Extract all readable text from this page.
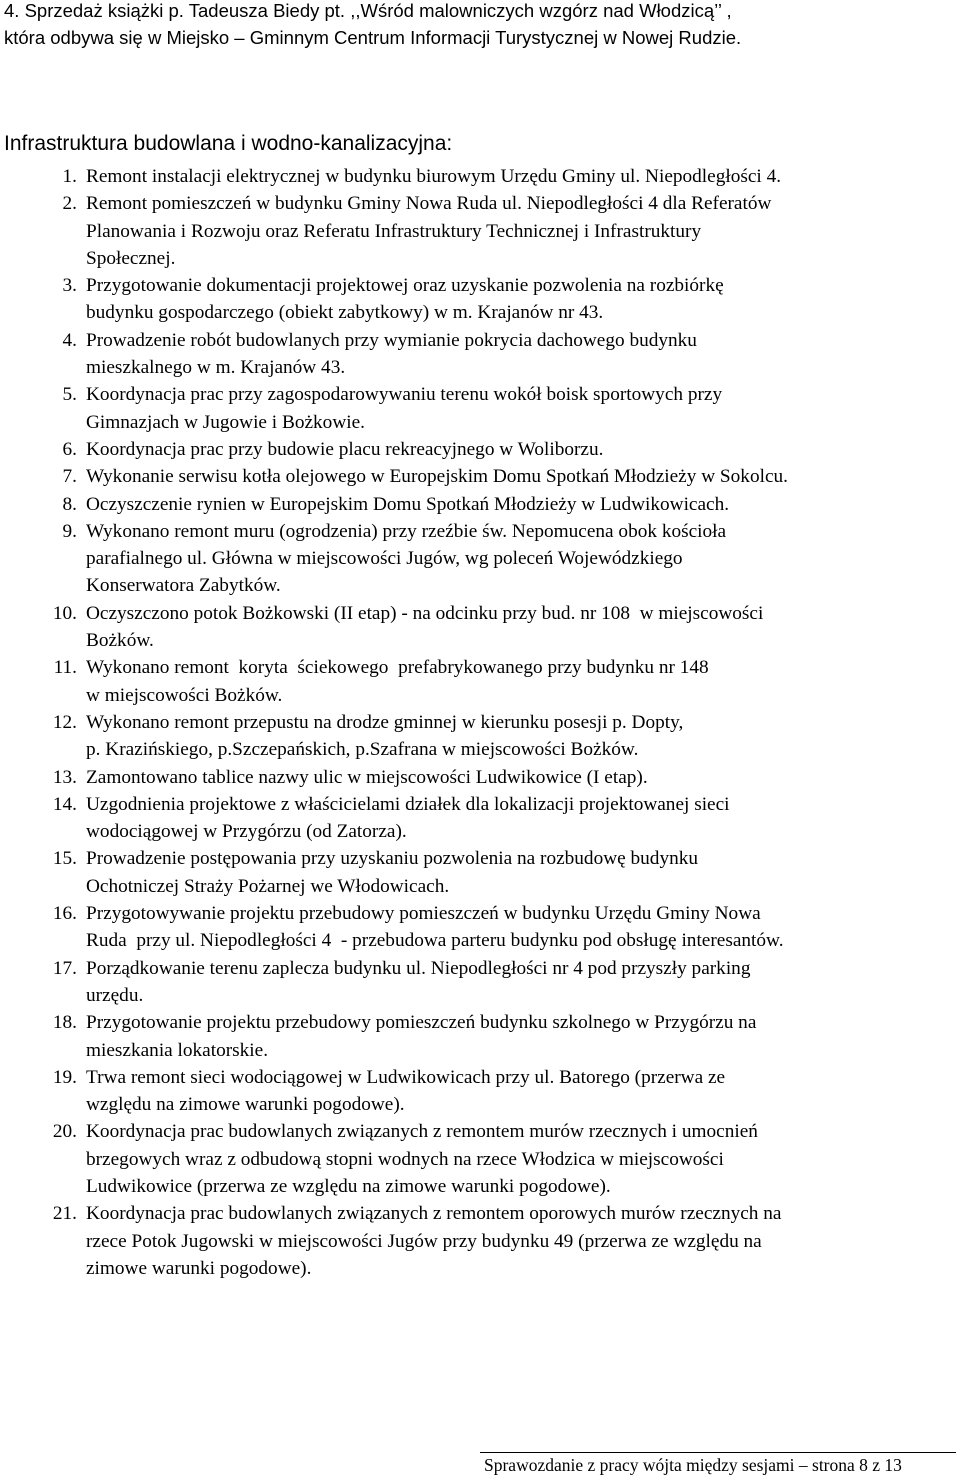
4. Sprzedaż książki p. Tadeusza Biedy pt. ,,Wśród malowniczych wzgórz nad Włodzicą’’ ,
która odbywa się w Miejsko – Gminnym Centrum Informacji Turystycznej w Nowej Rudzie.

Infrastruktura budowlana i wodno-kanalizacyjna:
1. Remont instalacji elektrycznej w budynku biurowym Urzędu Gminy ul. Niepodległości 4.
2. Remont pomieszczeń w budynku Gminy Nowa Ruda ul. Niepodległości 4 dla Referatów
Planowania i Rozwoju oraz Referatu Infrastruktury Technicznej i Infrastruktury
Społecznej.
3. Przygotowanie dokumentacji projektowej oraz uzyskanie pozwolenia na rozbiórkę
budynku gospodarczego (obiekt zabytkowy) w m. Krajanów nr 43.
4. Prowadzenie robót budowlanych przy wymianie pokrycia dachowego budynku
mieszkalnego w m. Krajanów 43.
5. Koordynacja prac przy zagospodarowywaniu terenu wokół boisk sportowych przy
Gimnazjach w Jugowie i Bożkowie.
6. Koordynacja prac przy budowie placu rekreacyjnego w Woliborzu.
7. Wykonanie serwisu kotła olejowego w Europejskim Domu Spotkań Młodzieży w Sokolcu.
8. Oczyszczenie rynien w Europejskim Domu Spotkań Młodzieży w Ludwikowicach.
9. Wykonano remont muru (ogrodzenia) przy rzeźbie św. Nepomucena obok kościoła
parafialnego ul. Główna w miejscowości Jugów, wg poleceń Wojewódzkiego
Konserwatora Zabytków.
10. Oczyszczono potok Bożkowski (II etap) - na odcinku przy bud. nr 108  w miejscowości
Bożków.
11. Wykonano remont  koryta  ściekowego  prefabrykowanego przy budynku nr 148
w miejscowości Bożków.
12. Wykonano remont przepustu na drodze gminnej w kierunku posesji p. Dopty,
p. Krazińskiego, p.Szczepańskich, p.Szafrana w miejscowości Bożków.
13. Zamontowano tablice nazwy ulic w miejscowości Ludwikowice (I etap).
14. Uzgodnienia projektowe z właścicielami działek dla lokalizacji projektowanej sieci
wodociągowej w Przygórzu (od Zatorza).
15. Prowadzenie postępowania przy uzyskaniu pozwolenia na rozbudowę budynku
Ochotniczej Straży Pożarnej we Włodowicach.
16. Przygotowywanie projektu przebudowy pomieszczeń w budynku Urzędu Gminy Nowa
Ruda  przy ul. Niepodległości 4  - przebudowa parteru budynku pod obsługę interesantów.
17. Porządkowanie terenu zaplecza budynku ul. Niepodległości nr 4 pod przyszły parking
urzędu.
18. Przygotowanie projektu przebudowy pomieszczeń budynku szkolnego w Przygórzu na
mieszkania lokatorskie.
19. Trwa remont sieci wodociągowej w Ludwikowicach przy ul. Batorego (przerwa ze
względu na zimowe warunki pogodowe).
20. Koordynacja prac budowlanych związanych z remontem murów rzecznych i umocnień
brzegowych wraz z odbudową stopni wodnych na rzece Włodzica w miejscowości
Ludwikowice (przerwa ze względu na zimowe warunki pogodowe).
21. Koordynacja prac budowlanych związanych z remontem oporowych murów rzecznych na
rzece Potok Jugowski w miejscowości Jugów przy budynku 49 (przerwa ze względu na
zimowe warunki pogodowe).

Sprawozdanie z pracy wójta między sesjami – strona 8 z 13
